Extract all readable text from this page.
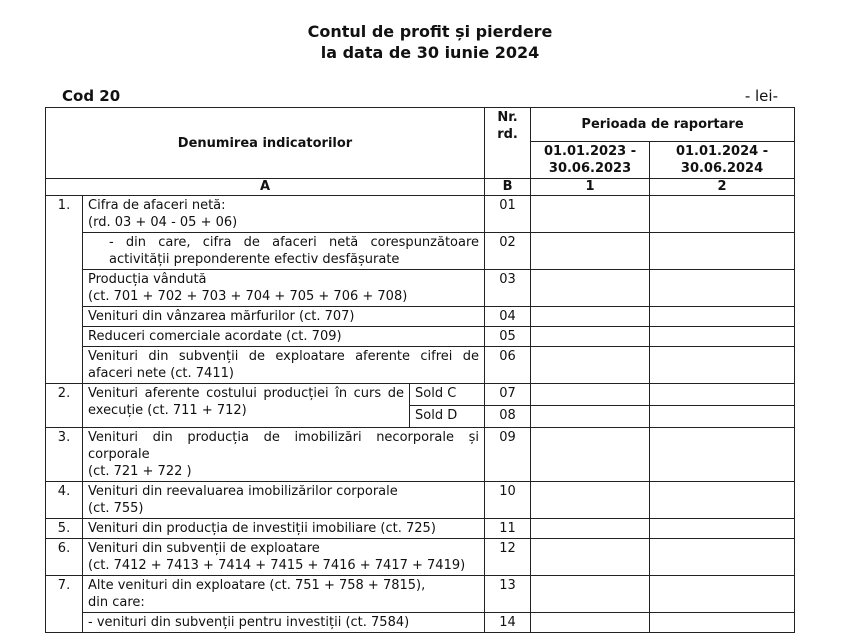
Contul de profit și pierdere
la data de 30 iunie 2024
Cod 20	- lei-
Denumirea indicatorilor			Nr. rd.	Perioada de raportare	
				01.01.2023 - 30.06.2023	01.01.2024 - 30.06.2024
A			B	1	2
1.	Cifra de afaceri netă:
(rd. 03 + 04 - 05 + 06)		01		
	- din care, cifra de afaceri netă corespunzătoare activității preponderente efectiv desfășurate		02		
	Producția vândută
(ct. 701 + 702 + 703 + 704 + 705 + 706 + 708)		03		
	Venituri din vânzarea mărfurilor (ct. 707)		04		
	Reduceri comerciale acordate (ct. 709)		05		
	Venituri din subvenții de exploatare aferente cifrei de afaceri nete (ct. 7411)		06		
2.	Venituri aferente costului producției în curs de execuție (ct. 711 + 712)	Sold C	07		
		Sold D	08		
3.	Venituri din producția de imobilizări necorporale și corporale
(ct. 721 + 722 )		09		
4.	Venituri din reevaluarea imobilizărilor corporale
(ct. 755)		10		
5.	Venituri din producția de investiții imobiliare (ct. 725)		11		
6.	Venituri din subvenții de exploatare
(ct. 7412 + 7413 + 7414 + 7415 + 7416 + 7417 + 7419)		12		
7.	Alte venituri din exploatare (ct. 751 + 758 + 7815),
din care:		13		
	- venituri din subvenții pentru investiții (ct. 7584)		14		
